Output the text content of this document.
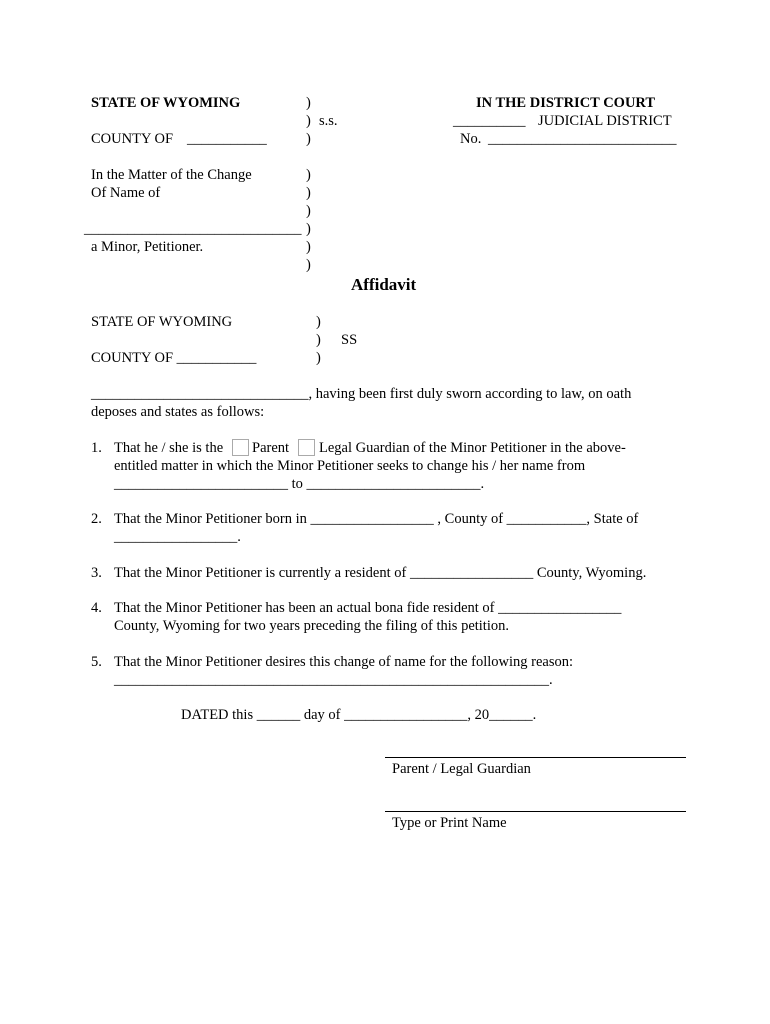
STATE OF WYOMING	)
) s.s.
COUNTY OF ___________	)
IN THE DISTRICT COURT
__________ JUDICIAL DISTRICT
No. __________________________
In the Matter of the Change	)
Of Name of	)
)
______________________________ )
a Minor, Petitioner.	)
)
Affidavit
STATE OF WYOMING	)
) SS
COUNTY OF ___________	)
______________________________, having been first duly sworn according to law, on oath
deposes and states as follows:
1. That he / she is the Parent Legal Guardian of the Minor Petitioner in the above-
entitled matter in which the Minor Petitioner seeks to change his / her name from
________________________ to ________________________.
2. That the Minor Petitioner born in _________________ , County of ___________, State of
_________________.
3. That the Minor Petitioner is currently a resident of _________________ County, Wyoming.
4. That the Minor Petitioner has been an actual bona fide resident of _________________
County, Wyoming for two years preceding the filing of this petition.
5. That the Minor Petitioner desires this change of name for the following reason:
____________________________________________________________.
DATED this ______ day of _________________, 20______.
Parent / Legal Guardian
Type or Print Name
